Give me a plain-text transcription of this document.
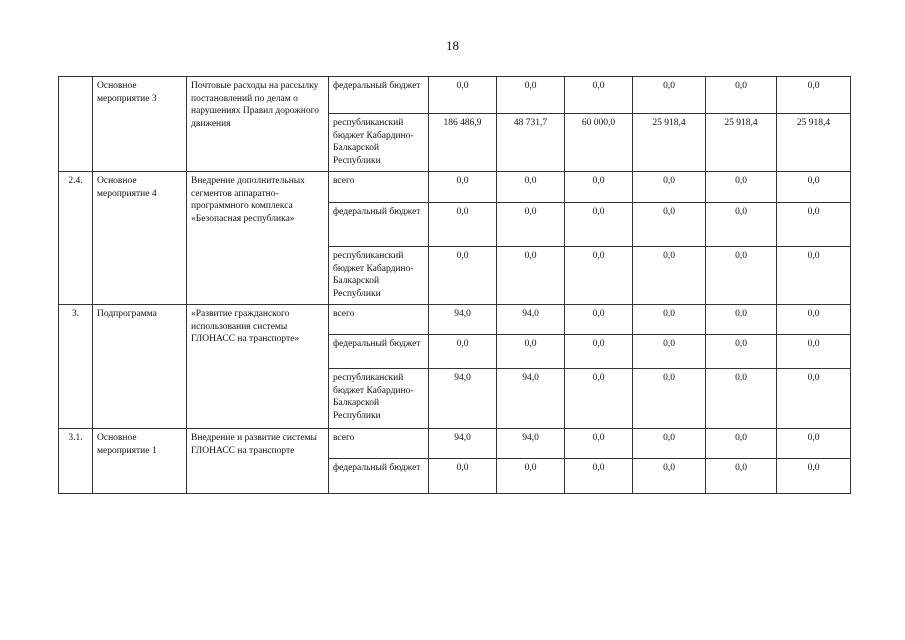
18
	Основное мероприятие 3	Почтовые расходы на рассылку постановлений по делам о нарушениях Правил дорожного движения	федеральный бюджет	0,0	0,0	0,0	0,0	0,0	0,0
			республиканский бюджет Кабардино-Балкарской Республики	186 486,9	48 731,7	60 000,0	25 918,4	25 918,4	25 918,4
2.4.	Основное мероприятие 4	Внедрение дополнительных сегментов аппаратно-программного комплекса «Безопасная республика»	всего	0,0	0,0	0,0	0,0	0,0	0,0
			федеральный бюджет	0,0	0,0	0,0	0,0	0,0	0,0
			республиканский бюджет Кабардино-Балкарской Республики	0,0	0,0	0,0	0,0	0,0	0,0
3.	Подпрограмма	«Развитие гражданского использования системы ГЛОНАСС на транспорте»	всего	94,0	94,0	0,0	0,0	0,0	0,0
			федеральный бюджет	0,0	0,0	0,0	0,0	0,0	0,0
			республиканский бюджет Кабардино-Балкарской Республики	94,0	94,0	0,0	0,0	0,0	0,0
3.1.	Основное мероприятие 1	Внедрение и развитие системы ГЛОНАСС на транспорте	всего	94,0	94,0	0,0	0,0	0,0	0,0
			федеральный бюджет	0,0	0,0	0,0	0,0	0,0	0,0
